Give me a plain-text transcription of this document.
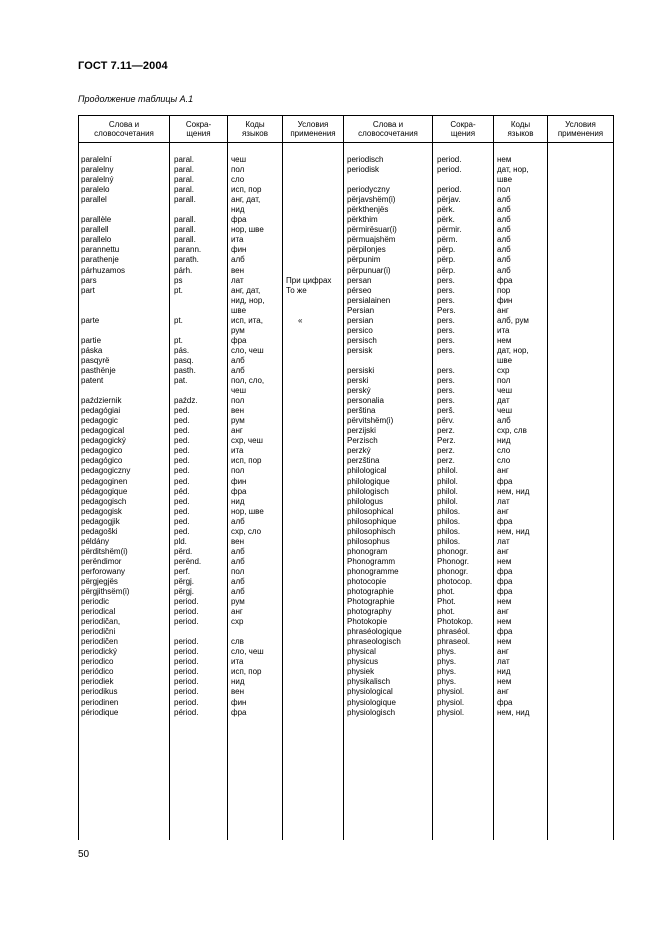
ГОСТ 7.11—2004
Продолжение таблицы А.1
Слова и
словосочетания
Сокра-
щения
Коды
языков
Условия
применения
Слова и
словосочетания
Сокра-
щения
Коды
языков
Условия
применения
paralelní
paralelny
paralelný
paralelo
parallel
parallèle
parallell
parallelo
parannettu
parathenje
párhuzamos
pars
part
parte
partie
páska
pasqyrë
pasthënje
patent
październik
pedagógiai
pedagogic
pedagogical
pedagogický
pedagogico
pedagógico
pedagogiczny
pedagoginen
pédagogique
pedagogisch
pedagogisk
pedagogjik
pedagoški
példány
përditshëm(i)
perëndimor
perforowany
përgjegjës
përgjithsëm(i)
periodic
periodical
periodičan,
periodični
periodičen
periodický
periodico
periódico
periodiek
periodikus
periodinen
périodique
paral.
paral.
paral.
paral.
parall.
parall.
parall.
parall.
parann.
parath.
párh.
ps
pt.
pt.
pt.
pás.
pasq.
pasth.
pat.
paźdz.
ped.
ped.
ped.
ped.
ped.
ped.
ped.
ped.
péd.
ped.
ped.
ped.
ped.
pld.
përd.
perënd.
perf.
përgj.
përgj.
period.
period.
period.
period.
period.
period.
period.
period.
period.
period.
périod.
чеш
пол
сло
исп, пор
анг, дат,
нид
фра
нор, шве
ита
фин
алб
вен
лат
анг, дат,
нид, нор,
шве
исп, ита,
рум
фра
сло, чеш
алб
алб
пол, сло,
чеш
пол
вен
рум
анг
схр, чеш
ита
исп, пор
пол
фин
фра
нид
нор, шве
алб
схр, сло
вен
алб
алб
пол
алб
алб
рум
анг
схр
слв
сло, чеш
ита
исп, пор
нид
вен
фин
фра
При цифрах
То же
«
periodisch
periodisk
periodyczny
përjavshëm(i)
përkthenjës
përkthim
përmirësuar(i)
përmuajshëm
përpilonjes
përpunim
përpunuar(i)
persan
pérseo
persialainen
Persian
persian
persico
persisch
persisk
persiski
perski
perský
personalia
perština
përvitshëm(i)
perzijski
Perzisch
perzký
perzština
philological
philologique
philologisch
philologus
philosophical
philosophique
philosophisch
philosophus
phonogram
Phonogramm
phonogramme
photocopie
photographie
Photographie
photography
Photokopie
phraséologique
phraseologisch
physical
physicus
physiek
physikalisch
physiological
physiologique
physiologisch
period.
period.
period.
përjav.
përk.
përk.
përmir.
përm.
përp.
përp.
përp.
pers.
pers.
pers.
Pers.
pers.
pers.
pers.
pers.
pers.
pers.
pers.
pers.
perš.
përv.
perz.
Perz.
perz.
perz.
philol.
philol.
philol.
philol.
philos.
philos.
philos.
philos.
phonogr.
Phonogr.
phonogr.
photocop.
phot.
Phot.
phot.
Photokop.
phraséol.
phraseol.
phys.
phys.
phys.
phys.
physiol.
physiol.
physiol.
нем
дат, нор,
шве
пол
алб
алб
алб
алб
алб
алб
алб
алб
фра
пор
фин
анг
алб, рум
ита
нем
дат, нор,
шве
схр
пол
чеш
дат
чеш
алб
схр, слв
нид
сло
сло
анг
фра
нем, нид
лат
анг
фра
нем, нид
лат
анг
нем
фра
фра
фра
нем
анг
нем
фра
нем
анг
лат
нид
нем
анг
фра
нем, нид
50
